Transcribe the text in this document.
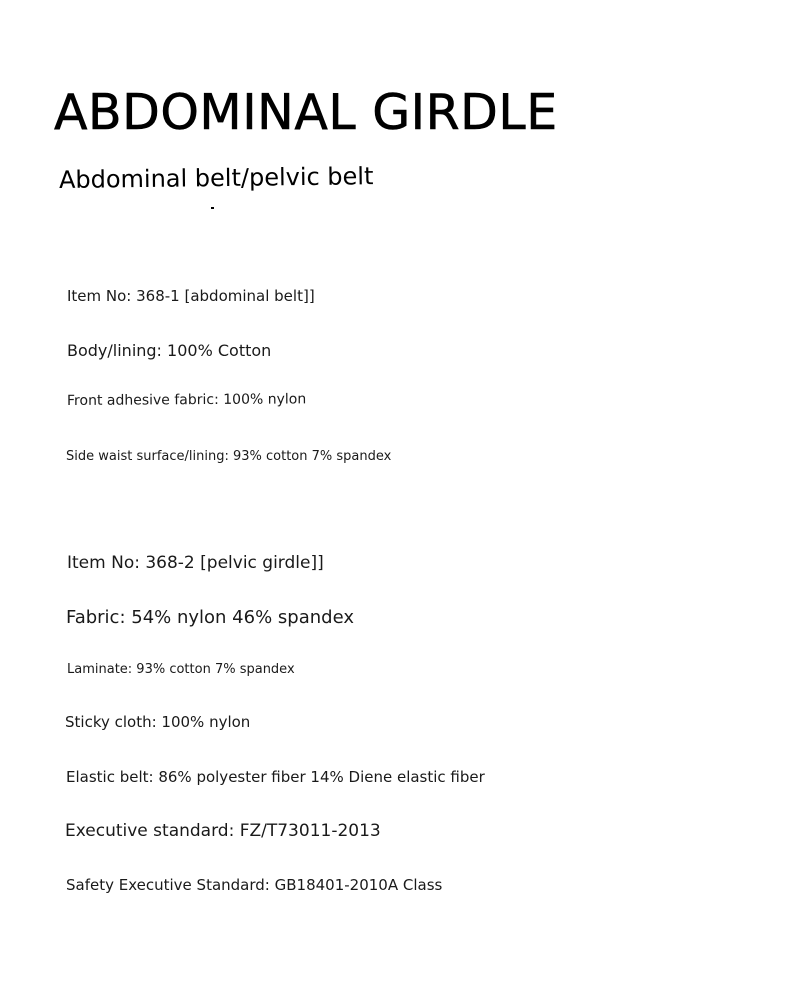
ABDOMINAL GIRDLE
Abdominal belt/pelvic belt
Item No: 368-1 [abdominal belt]]
Body/lining: 100% Cotton
Front adhesive fabric: 100% nylon
Side waist surface/lining: 93% cotton 7% spandex
Item No: 368-2 [pelvic girdle]]
Fabric: 54% nylon 46% spandex
Laminate: 93% cotton 7% spandex
Sticky cloth: 100% nylon
Elastic belt: 86% polyester fiber 14% Diene elastic fiber
Executive standard: FZ/T73011-2013
Safety Executive Standard: GB18401-2010A Class
